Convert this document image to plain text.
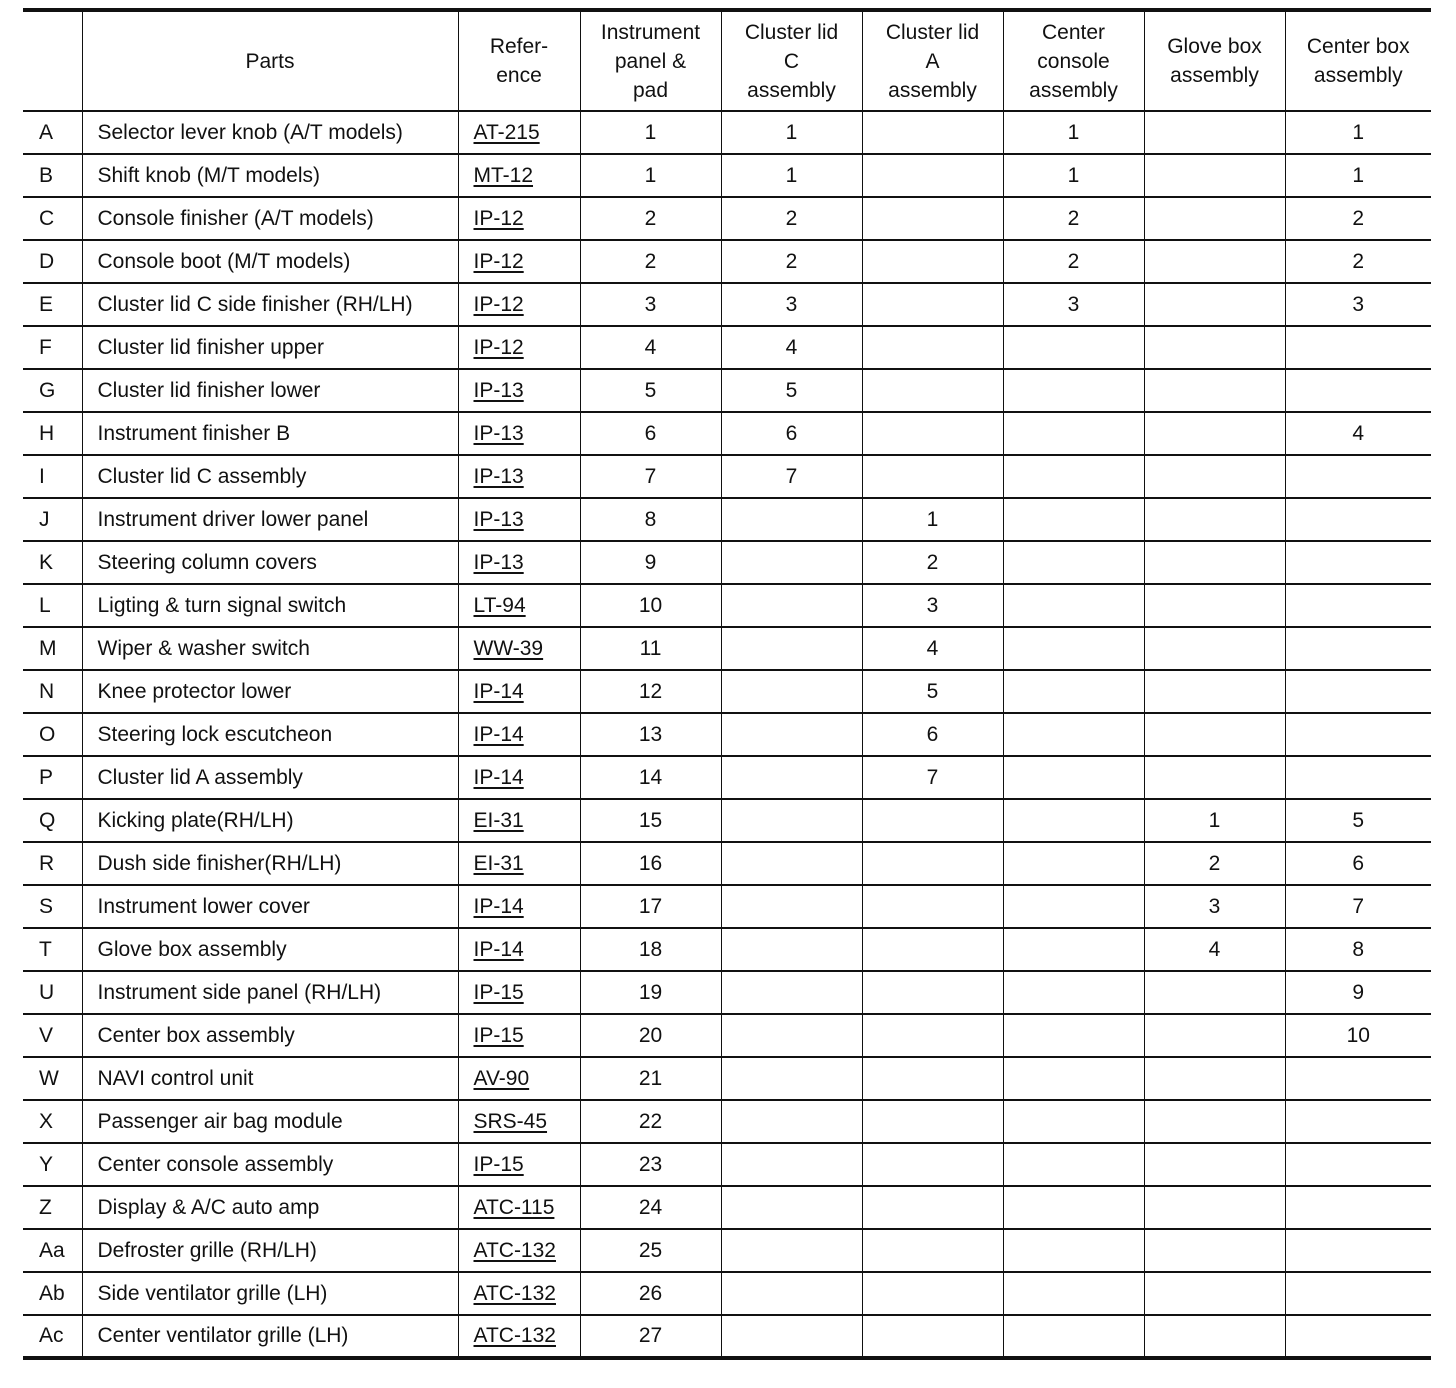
	Parts	Refer-
ence	Instrument
panel &
pad	Cluster lid
C
assembly	Cluster lid
A
assembly	Center
console
assembly	Glove box
assembly	Center box
assembly
A	Selector lever knob (A/T models)	AT-215	1	1		1		1
B	Shift knob (M/T models)	MT-12	1	1		1		1
C	Console finisher (A/T models)	IP-12	2	2		2		2
D	Console boot (M/T models)	IP-12	2	2		2		2
E	Cluster lid C side finisher (RH/LH)	IP-12	3	3		3		3
F	Cluster lid finisher upper	IP-12	4	4				
G	Cluster lid finisher lower	IP-13	5	5				
H	Instrument finisher B	IP-13	6	6				4
I	Cluster lid C assembly	IP-13	7	7				
J	Instrument driver lower panel	IP-13	8		1			
K	Steering column covers	IP-13	9		2			
L	Ligting & turn signal switch	LT-94	10		3			
M	Wiper & washer switch	WW-39	11		4			
N	Knee protector lower	IP-14	12		5			
O	Steering lock escutcheon	IP-14	13		6			
P	Cluster lid A assembly	IP-14	14		7			
Q	Kicking plate(RH/LH)	EI-31	15				1	5
R	Dush side finisher(RH/LH)	EI-31	16				2	6
S	Instrument lower cover	IP-14	17				3	7
T	Glove box assembly	IP-14	18				4	8
U	Instrument side panel (RH/LH)	IP-15	19					9
V	Center box assembly	IP-15	20					10
W	NAVI control unit	AV-90	21					
X	Passenger air bag module	SRS-45	22					
Y	Center console assembly	IP-15	23					
Z	Display & A/C auto amp	ATC-115	24					
Aa	Defroster grille (RH/LH)	ATC-132	25					
Ab	Side ventilator grille (LH)	ATC-132	26					
Ac	Center ventilator grille (LH)	ATC-132	27					
